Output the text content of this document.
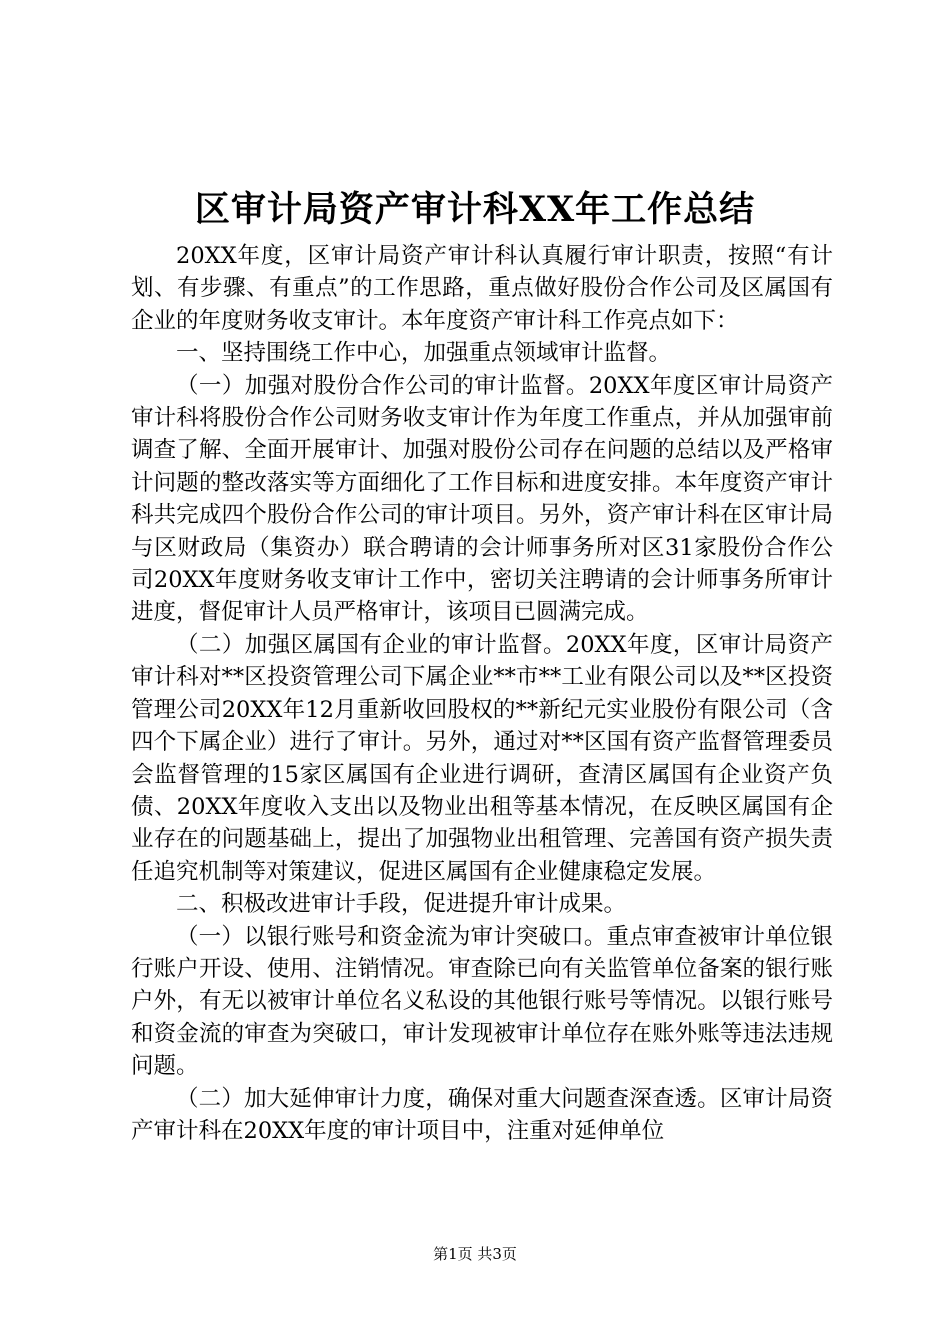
区审计局资产审计科XX年工作总结

20XX年度，区审计局资产审计科认真履行审计职责，按照“有计划、有步骤、有重点”的工作思路，重点做好股份合作公司及区属国有企业的年度财务收支审计。本年度资产审计科工作亮点如下：

一、坚持围绕工作中心，加强重点领域审计监督。

（一）加强对股份合作公司的审计监督。20XX年度区审计局资产审计科将股份合作公司财务收支审计作为年度工作重点，并从加强审前调查了解、全面开展审计、加强对股份公司存在问题的总结以及严格审计问题的整改落实等方面细化了工作目标和进度安排。本年度资产审计科共完成四个股份合作公司的审计项目。另外，资产审计科在区审计局与区财政局（集资办）联合聘请的会计师事务所对区31家股份合作公司20XX年度财务收支审计工作中，密切关注聘请的会计师事务所审计进度，督促审计人员严格审计，该项目已圆满完成。

（二）加强区属国有企业的审计监督。20XX年度，区审计局资产审计科对**区投资管理公司下属企业**市**工业有限公司以及**区投资管理公司20XX年12月重新收回股权的**新纪元实业股份有限公司（含四个下属企业）进行了审计。另外，通过对**区国有资产监督管理委员会监督管理的15家区属国有企业进行调研，查清区属国有企业资产负债、20XX年度收入支出以及物业出租等基本情况，在反映区属国有企业存在的问题基础上，提出了加强物业出租管理、完善国有资产损失责任追究机制等对策建议，促进区属国有企业健康稳定发展。

二、积极改进审计手段，促进提升审计成果。

（一）以银行账号和资金流为审计突破口。重点审查被审计单位银行账户开设、使用、注销情况。审查除已向有关监管单位备案的银行账户外，有无以被审计单位名义私设的其他银行账号等情况。以银行账号和资金流的审查为突破口，审计发现被审计单位存在账外账等违法违规问题。

（二）加大延伸审计力度，确保对重大问题查深查透。区审计局资产审计科在20XX年度的审计项目中，注重对延伸单位

第1页 共3页
